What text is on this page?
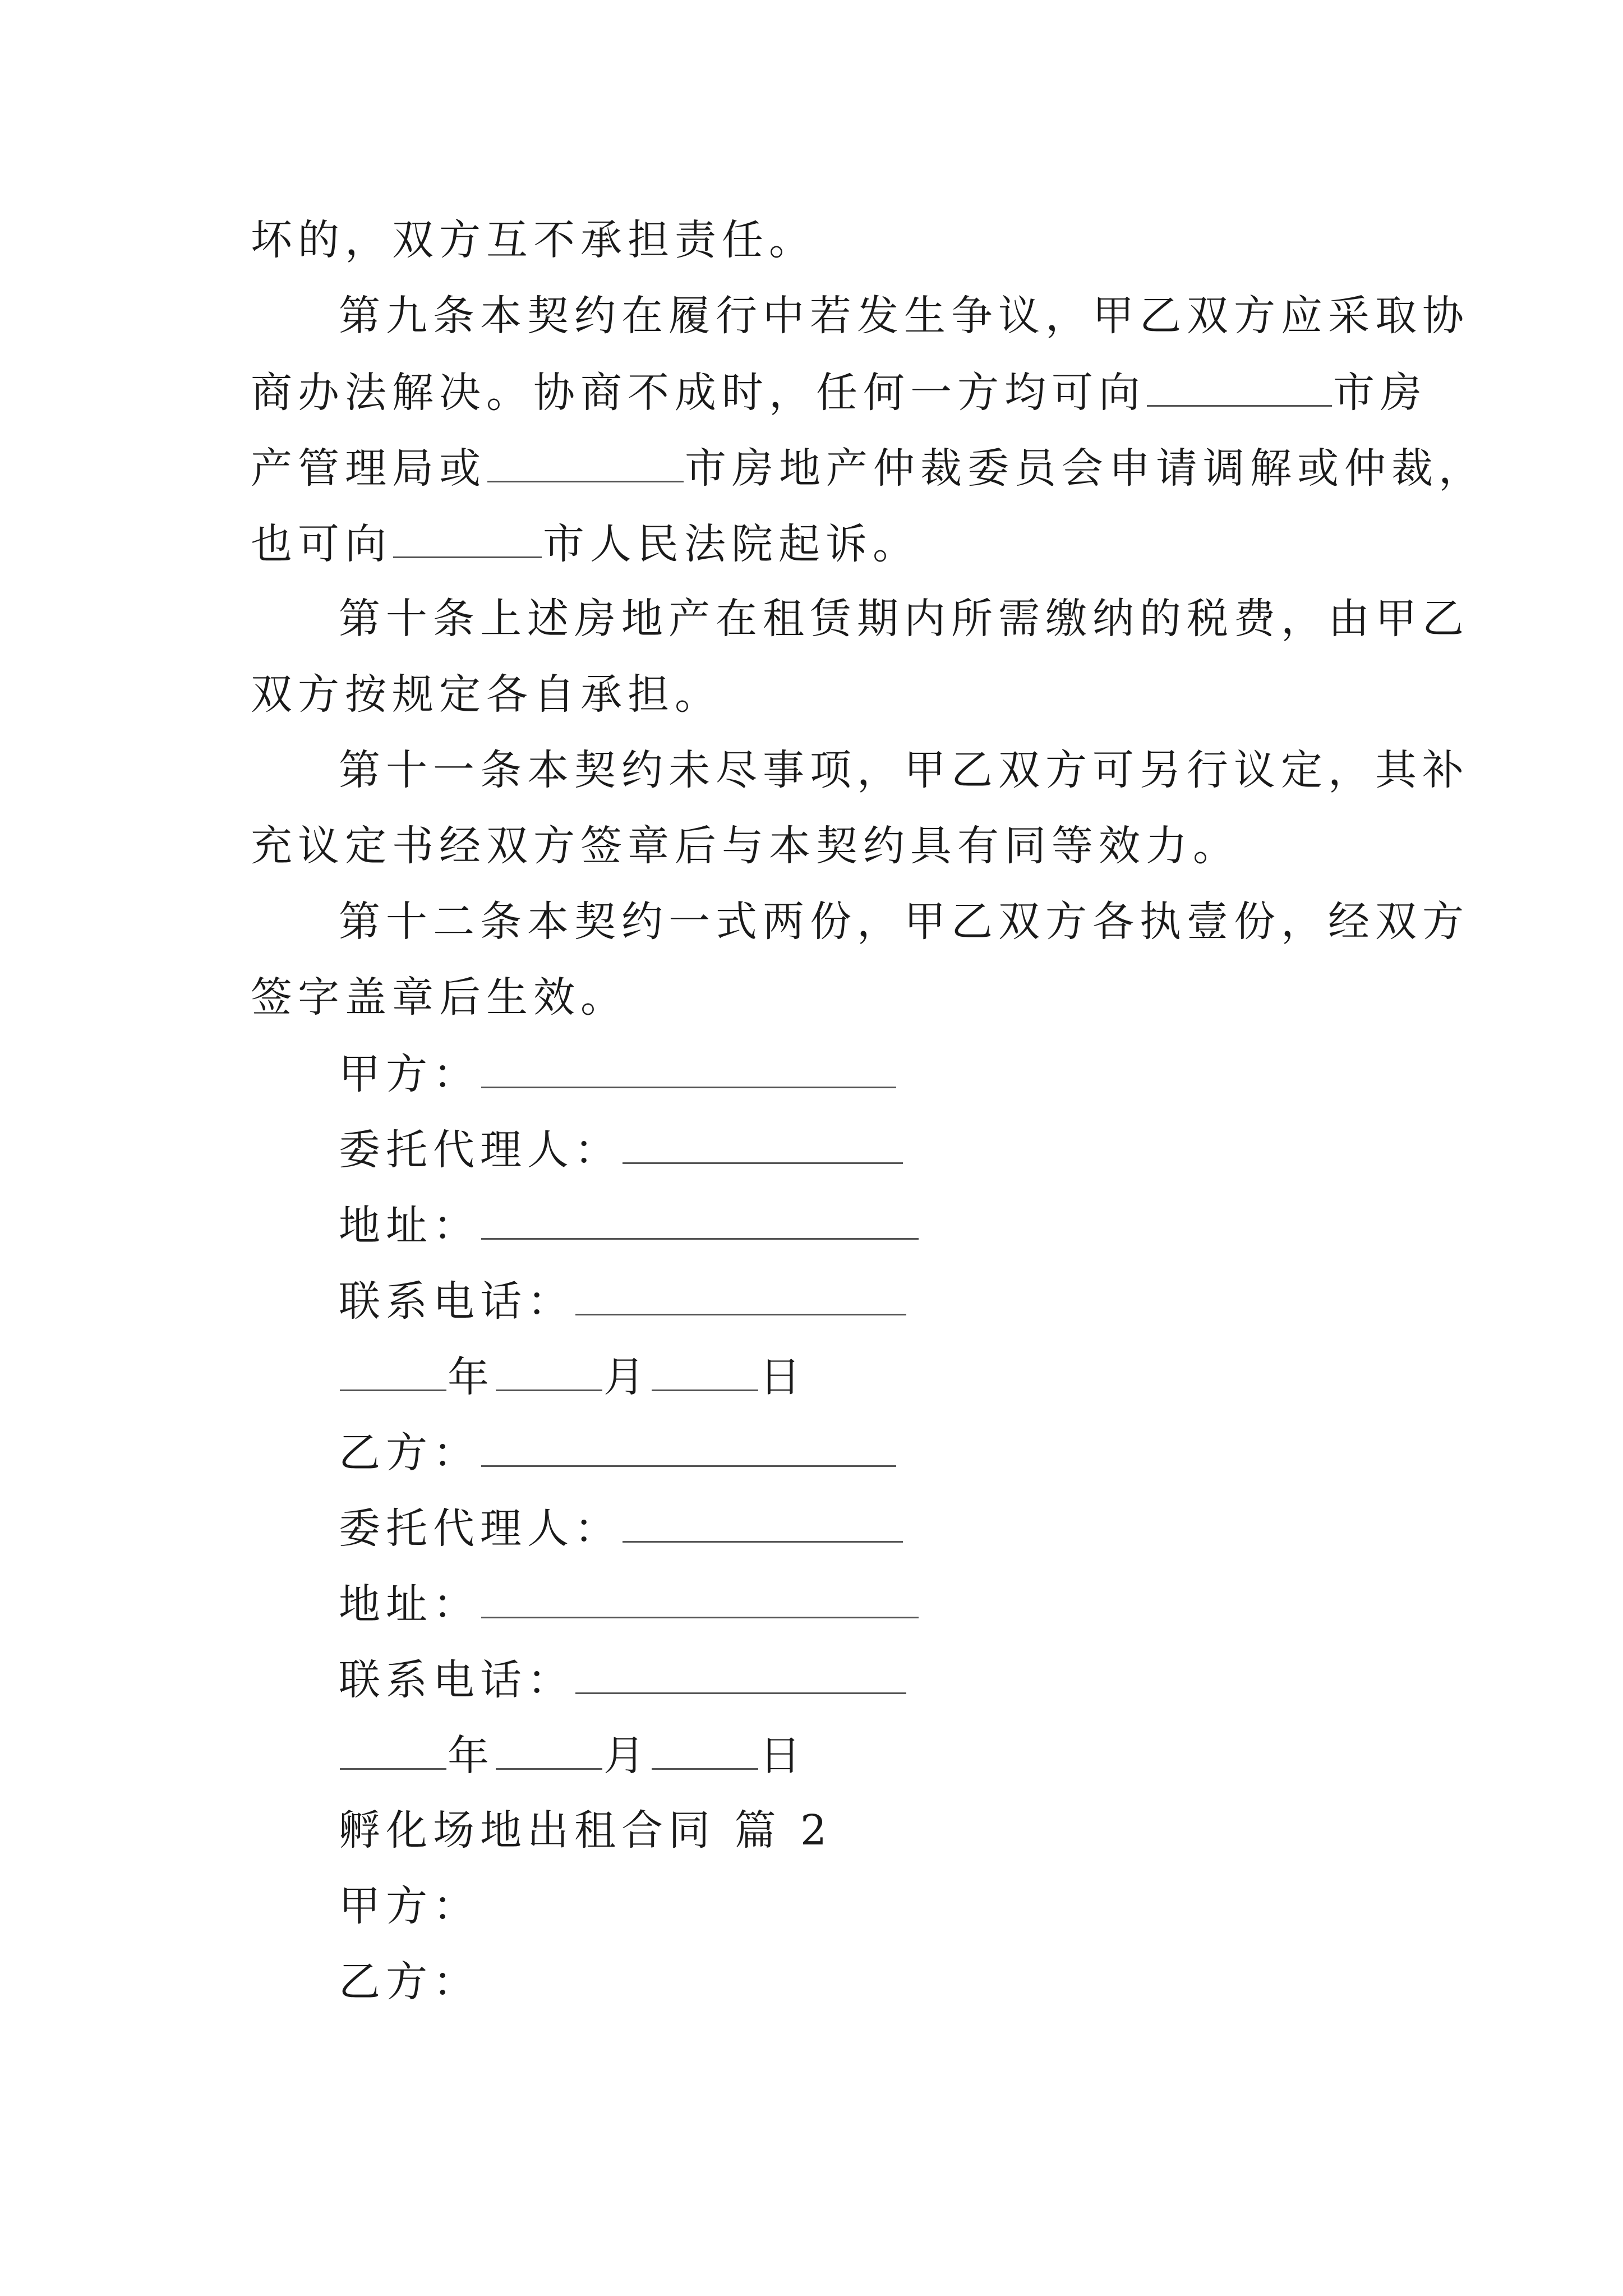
坏的，双方互不承担责任。
第九条本契约在履行中若发生争议，甲乙双方应采取协
商办法解决。协商不成时，任何一方均可向	市房
产管理局或	市房地产仲裁委员会申请调解或仲裁，
也可向	市人民法院起诉。
第十条上述房地产在租赁期内所需缴纳的税费，由甲乙
双方按规定各自承担。
第十一条本契约未尽事项，甲乙双方可另行议定，其补
充议定书经双方签章后与本契约具有同等效力。
第十二条本契约一式两份，甲乙双方各执壹份，经双方
签字盖章后生效。
甲方：
委托代理人：
地址：
联系电话：
年	月	日
乙方：
委托代理人：
地址：
联系电话：
年	月	日
孵化场地出租合同 篇 2
甲方：
乙方：
